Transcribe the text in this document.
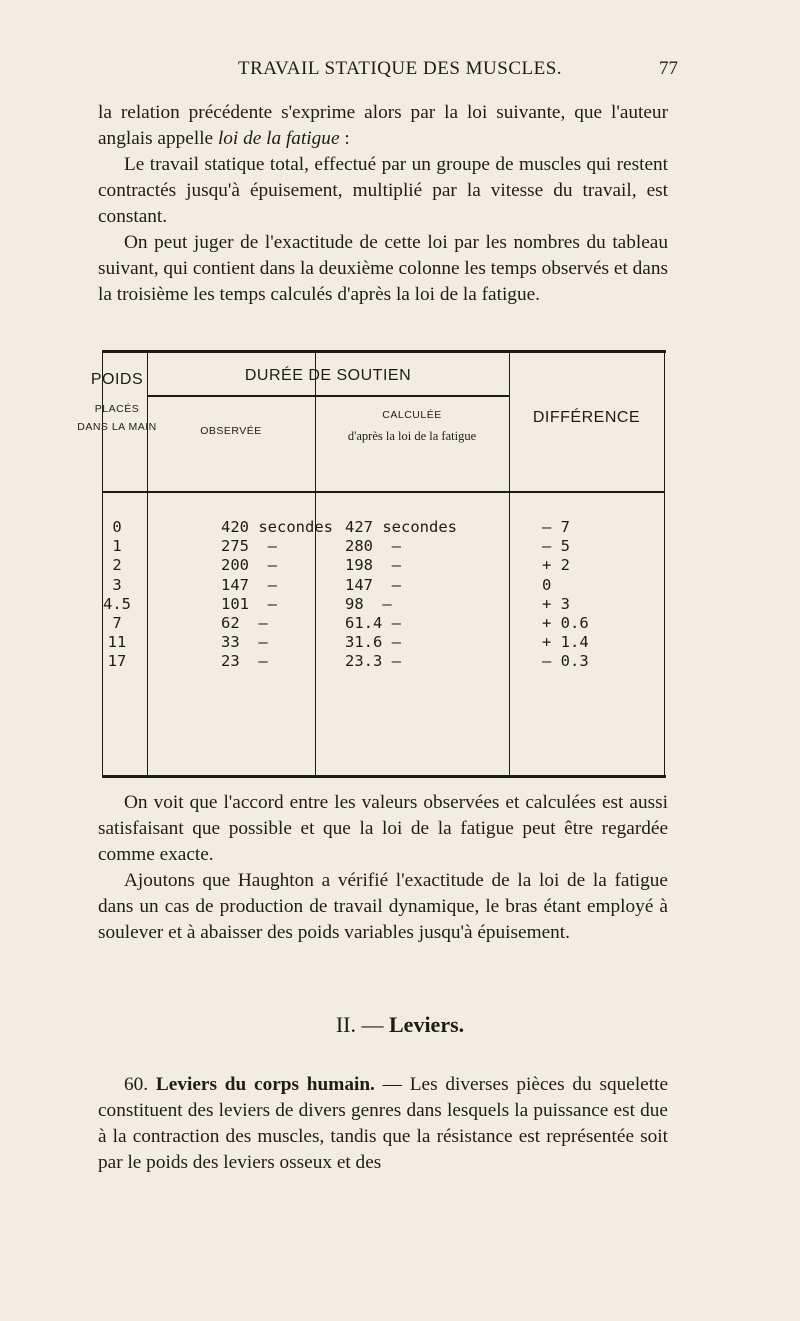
TRAVAIL STATIQUE DES MUSCLES.	77
la relation précédente s'exprime alors par la loi suivante, que l'auteur anglais appelle loi de la fatigue :
Le travail statique total, effectué par un groupe de muscles qui restent contractés jusqu'à épuisement, multiplié par la vitesse du travail, est constant.
On peut juger de l'exactitude de cette loi par les nombres du tableau suivant, qui contient dans la deuxième colonne les temps observés et dans la troisième les temps calculés d'après la loi de la fatigue.
POIDS
PLACÉS
DANS LA MAIN
DURÉE DE SOUTIEN
OBSERVÉE
CALCULÉE
d'après la loi de la fatigue
DIFFÉRENCE
0
1
2
3
4.5
7
11
17
420 secondes
275  —
200  —
147  —
101  —
62  —
33  —
23  —
427 secondes
280  —
198  —
147  —
98  —
61.4 —
31.6 —
23.3 —
— 7
— 5
+ 2
0
+ 3
+ 0.6
+ 1.4
— 0.3
On voit que l'accord entre les valeurs observées et calculées est aussi satisfaisant que possible et que la loi de la fatigue peut être regardée comme exacte.
Ajoutons que Haughton a vérifié l'exactitude de la loi de la fatigue dans un cas de production de travail dynamique, le bras étant employé à soulever et à abaisser des poids variables jusqu'à épuisement.
II. — Leviers.
60. Leviers du corps humain. — Les diverses pièces du squelette constituent des leviers de divers genres dans lesquels la puissance est due à la contraction des muscles, tandis que la résistance est représentée soit par le poids des leviers osseux et des
